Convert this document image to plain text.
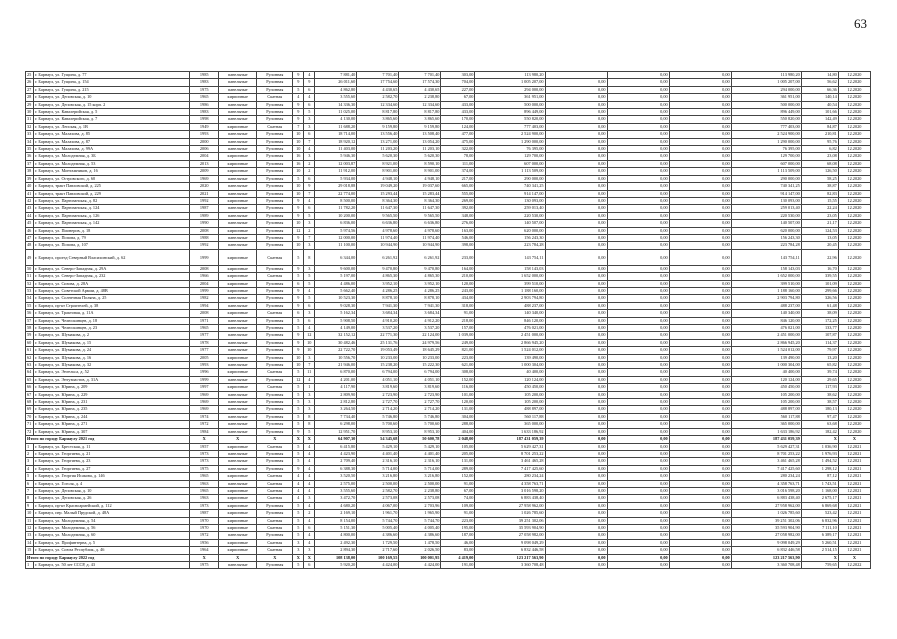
63
25	г. Барнаул, ул. Гущина, д. 77	1985	панельные	Рулонная	9	4	7 881,40	7 701,40	7 701,40	303,00	113 980,20		0,00	0,00	113 980,20	14,80	12.2020
26	г. Барнаул, ул. Гущина, д. 154	1983	панельные	Рулонная	9	9	26 011,60	17 754,60	17 574,30	704,00	1 005 207,00	0,00	0,00	0,00	1 005 207,00	56,62	12.2020
27	г. Барнаул, ул. Гущина, д. 215	1975	панельные	Рулонная	5	6	4 862,80	4 430,65	4 430,65	227,00	294 000,00	0,00	0,00	0,00	294 000,00	66,36	12.2020
28	г. Барнаул, ул. Деповская, д. 10	1965	кирпичные	Скатная	4	4	3 555,60	2 582,70	2 238,80	67,00	361 951,00	0,00	0,00	0,00	361 951,00	140,14	12.2020
29	г. Барнаул, ул. Деповская, д. 15 корп. 2	1986	панельные	Рулонная	9	6	14 336,30	12 334,60	12 334,60	433,00	500 000,00	0,00	0,00	0,00	500 000,00	40,54	12.2020
30	г. Барнаул, ул. Кавалерийская, д. 5	1983	панельные	Рулонная	9	5	11 025,00	8 817,80	8 817,80	433,00	896 449,00	0,00	0,00	0,00	896 449,00	101,66	12.2020
31	г. Барнаул, ул. Кавалерийская, д. 7	1998	панельные	Рулонная	9	3	4 130,00	3 865,60	3 865,60	170,00	550 820,00	0,00	0,00	0,00	550 820,00	142,49	12.2020
32	г. Барнаул, ул. Лепская, д. 1В	1949	кирпичные	Скатная	7	3	11 688,20	9 159,80	9 159,80	124,00	777 403,00	0,00	0,00	0,00	777 403,00	84,87	12.2020
33	г. Барнаул, ул. Малахова, д. 85	1993	панельные	Рулонная	10	6	18 714,00	13 556,40	13 508,40	477,00	2 524 900,00	0,00	0,00	0,00	2 524 900,00	210,81	12.2020
34	г. Барнаул, ул. Малахова, д. 87	2000	панельные	Рулонная	10	7	18 920,12	13 271,00	13 054,20	475,00	1 290 000,00	0,00	0,00	0,00	1 290 000,00	95,76	12.2020
35	г. Барнаул, ул. Малахова, д. 99А	2006	панельные	Рулонная	10	4	11 403,00	11 203,20	11 203,10	322,00	76 395,00	0,00	0,00	0,00	76 395,00	6,82	12.2020
36	г. Барнаул, ул. Молодежная, д. 3Б	2004	кирпичные	Рулонная	16	3	5 946,30	5 620,30	5 620,30	78,00	129 700,00	0,00	0,00	0,00	129 700,00	23,08	12.2020
37	г. Барнаул, ул. Молодежная, д. 53	2013	кирпичные	Рулонная	16	2	12 003,87	8 921,00	8 590,10	111,00	607 000,00	0,00	0,00	0,00	607 000,00	68,08	12.2020
38	г. Барнаул, ул. Монтажников, д. 16	2009	кирпичные	Рулонная	10	2	11 912,00	8 901,00	8 901,00	374,00	1 113 509,00	0,00	0,00	0,00	1 113 509,00	126,50	12.2020
39	г. Барнаул, ул. Островского, д. 60	1969	панельные	Рулонная	5	6	5 934,00	4 948,10	4 948,10	217,00	290 000,00	0,00	0,00	0,00	290 000,00	58,25	12.2020
40	г. Барнаул, тракт Павловский, д. 225	2020	панельные	Рулонная	10	9	29 018,88	19 049,20	19 037,60	665,00	740 341,25	0,00	0,00	0,00	740 341,25	38,87	12.2020
41	г. Барнаул, тракт Павловский, д. 229	2021	панельные	Рулонная	10	7	22 774,00	15 293,44	15 283,44	555,00	914 147,00	0,00	0,00	0,00	914 147,00	82,83	12.2020
42	г. Барнаул, ул. Партизанская, д. 82	1992	кирпичные	Рулонная	9	4	8 500,00	8 364,30	8 364,30	269,00	130 093,00	0,00	0,00	0,00	130 093,00	15,55	12.2020
43	г. Барнаул, ул. Партизанская, д. 124	1987	панельные	Рулонная	9	6	11 782,20	11 647,30	11 647,30	392,00	259 013,40	0,00	0,00	0,00	259 013,40	22,24	12.2020
44	г. Барнаул, ул. Партизанская, д. 126	1989	панельные	Рулонная	9	5	10 200,00	9 565,50	9 565,50	348,00	220 530,00	0,00	0,00	0,00	220 530,00	23,05	12.2020
45	г. Барнаул, ул. Партизанская, д. 142	1990	панельные	Рулонная	10	3	6 836,00	6 636,80	6 636,80	276,00	140 507,00	0,00	0,00	0,00	140 507,00	21,17	12.2020
46	г. Барнаул, ул. Пионеров, д. 18	2008	кирпичные	Рулонная	12	2	5 974,56	4 978,60	4 978,60	163,00	620 000,00	0,00	0,00	0,00	620 000,00	124,53	12.2020
47	г. Барнаул, ул. Попова, д. 79	1988	панельные	Рулонная	9	7	12 000,00	11 974,40	11 974,40	546,00	156 243,30	0,00	0,00	0,00	156 243,30	13,05	12.2020
48	г. Барнаул, ул. Попова, д. 107	1992	панельные	Рулонная	10	3	11 100,00	10 944,90	10 944,90	398,00	223 784,28	0,00	0,00	0,00	223 784,28	20,45	12.2020
49	г. Барнаул, проезд Северный Власихинский, д. 62	1999	кирпичные	Скатная	5	8	6 344,00	6 261,92	6 261,92	233,00	143 754,11	0,00	0,00	0,00	143 754,11	22,96	12.2020
50	г. Барнаул, ул. Северо-Западная, д. 29А	2008	кирпичные	Рулонная	9	3	9 600,00	9 470,80	9 470,80	164,00	158 143,03	0,00	0,00	0,00	158 143,03	16,70	12.2020
51	г. Барнаул, ул. Северо-Западная, д. 232	1966	кирпичные	Скатная	5	5	5 197,00	4 865,30	4 865,30	210,00	1 652 000,00	0,00	0,00	0,00	1 652 000,00	339,55	12.2020
52	г. Барнаул, ул. Сизова, д. 28А	2004	кирпичные	Рулонная	6	5	4 486,00	3 952,10	3 952,10	120,00	399 510,00	0,00	0,00	0,00	399 510,00	101,09	12.2020
53	г. Барнаул, ул. Советской Армии, д. 48В	1999	кирпичные	Рулонная	9	4	5 662,40	4 286,25	4 286,25	243,00	1 188 160,00	0,00	0,00	0,00	1 188 160,00	299,66	12.2020
54	г. Барнаул, ул. Солнечная Поляна, д. 25	1982	панельные	Рулонная	9	5	10 523,30	8 878,10	8 878,10	434,00	2 903 794,80	0,00	0,00	0,00	2 903 794,80	326,56	12.2020
55	г. Барнаул, пр-кт Строителей, д. 38	1994	панельные	Рулонная	9	6	9 028,30	7 941,30	7 941,30	318,00	488 237,00	0,00	0,00	0,00	488 237,00	61,48	12.2020
56	г. Барнаул, ул. Трактовая, д. 11А	2008	кирпичные	Скатная	6	3	5 162,34	3 684,34	3 684,34	91,00	140 340,00	0,00	0,00	0,00	140 340,00	38,09	12.2020
57	г. Барнаул, ул. Челюскинцев, д. 18	1971	панельные	Рулонная	5	6	5 908,50	4 910,20	4 912,20	218,00	846 120,00	0,00	0,00	0,00	846 120,00	172,25	12.2020
58	г. Барнаул, ул. Челюскинцев, д. 23	1965	панельные	Рулонная	5	4	4 149,00	3 537,20	3 537,20	157,00	476 021,00	0,00	0,00	0,00	476 021,00	133,77	12.2020
59	г. Барнаул, ул. Шумакова, д. 2	1977	панельные	Рулонная	9	12	32 152,12	22 771,30	22 124,00	1 039,00	2 451 000,00	0,00	0,00	0,00	2 451 000,00	107,87	12.2020
60	г. Барнаул, ул. Шумакова, д. 15	1978	панельные	Рулонная	9	10	30 482,46	25 131,76	24 979,56	249,00	2 866 945,20	0,00	0,00	0,00	2 866 945,20	114,37	12.2020
61	г. Барнаул, ул. Шумакова, д. 24	1977	панельные	Рулонная	9	10	22 722,70	19 053,49	18 645,29	821,00	1 524 012,00	0,00	0,00	0,00	1 524 012,00	79,97	12.2020
62	г. Барнаул, ул. Шумакова, д. 16	2005	кирпичные	Рулонная	10	3	10 556,70	10 233,00	10 233,00	223,00	139 490,00	0,00	0,00	0,00	139 490,00	13,20	12.2020
63	г. Барнаул, ул. Шумакова, д. 32	1993	панельные	Рулонная	10	7	21 946,00	15 238,20	15 222,30	621,00	1 000 304,00	0,00	0,00	0,00	1 000 304,00	65,82	12.2020
64	г. Барнаул, ул. Энгельса, д. 52	1996	кирпичные	Скатная	5	11	6 870,00	6 794,00	6 794,00	308,00	40 400,00	0,00	0,00	0,00	40 400,00	39,74	12.2020
65	г. Барнаул, ул. Энтузиастов, д. 31А	1999	панельные	Рулонная	12	4	4 201,00	4 051,10	4 051,10	152,00	120 124,00	0,00	0,00	0,00	120 124,00	29,65	12.2020
66	г. Барнаул, ул. Юрина, д. 209	1997	кирпичные	Скатная	5	1	4 117,90	3 819,60	3 819,60	116,00	450 450,00	0,00	0,00	0,00	450 450,00	117,93	12.2020
67	г. Барнаул, ул. Юрина, д. 229	1969	панельные	Рулонная	5	3	2 809,90	2 723,90	2 723,90	101,00	105 200,00	0,00	0,00	0,00	105 200,00	38,62	12.2020
68	г. Барнаул, ул. Юрина, д. 231	1969	панельные	Рулонная	5	3	2 812,80	2 727,70	2 727,70	120,00	105 200,00	0,00	0,00	0,00	105 200,00	38,57	12.2020
69	г. Барнаул, ул. Юрина, д. 235	1969	панельные	Рулонная	5	3	3 264,50	2 714,20	2 714,20	131,00	488 897,00	0,00	0,00	0,00	488 897,00	180,13	12.2020
70	г. Барнаул, ул. Юрина, д. 244	1974	панельные	Рулонная	5	8	7 734,40	5 746,80	5 746,80	304,00	560 117,88	0,00	0,00	0,00	560 117,88	97,47	12.2020
71	г. Барнаул, ул. Юрина, д. 271	1972	панельные	Рулонная	5	8	6 298,00	5 700,60	5 700,60	288,00	365 000,00	0,00	0,00	0,00	365 000,00	63,68	12.2020
72	г. Барнаул, ул. Юрина, д. 307	1984	панельные	Рулонная	9	5	12 951,70	8 953,10	8 953,10	404,00	1 633 186,92	0,00	0,00	0,00	1 633 186,92	182,42	12.2020
Итого по городу Барнаулу 2021 год		Х	Х	Х	Х	Х	64 907,30	54 345,68	50 600,78	2 048,00	187 431 059,39	0,00	0,00	0,00	187 431 059,39	Х	Х
1	г. Барнаул, ул. Брестская, д. 11	1957	кирпичные	Скатная	5	4	6 415,80	5 429,10	5 429,10	105,00	5 629 427,31	0,00	0,00	0,00	5 629 427,31	1 036,90	12.2021
2	г. Барнаул, ул. Георгиева, д. 21	1973	панельные	Рулонная	5	4	4 423,90	4 401,40	4 401,40	205,00	8 701 253,22	0,00	0,00	0,00	8 701 253,22	1 976,93	12.2021
3	г. Барнаул, ул. Георгиева, д. 23	1973	панельные	Рулонная	5	4	2 709,40	2 316,10	2 316,10	131,00	3 461 465,28	0,00	0,00	0,00	3 461 465,28	1 494,52	12.2021
4	г. Барнаул, ул. Георгиева, д. 27	1975	панельные	Рулонная	9	4	6 388,30	5 714,00	5 714,00	289,00	7 417 425,60	0,00	0,00	0,00	7 417 425,60	1 298,12	12.2021
5	г. Барнаул, ул. Георгия Исакова, д. 146	1965	кирпичные	Скатная	4	4	3 520,50	3 216,80	3 216,80	152,00	280 234,24	0,00	0,00	0,00	280 234,24	87,12	12.2021
6	г. Барнаул, ул. Гоголя, д. 4	1963	панельные	Скатная	4	4	2 575,00	2 500,00	2 500,00	91,00	4 358 763,71	0,00	0,00	0,00	4 358 763,71	1 743,51	12.2021
7	г. Барнаул, ул. Деповская, д. 10	1965	кирпичные	Скатная	4	4	3 555,60	2 582,70	2 238,80	67,00	3 016 598,20	0,00	0,00	0,00	3 016 598,20	1 168,00	12.2021
8	г. Барнаул, ул. Деповская, д. 26	1963	кирпичные	Скатная	4	3	3 472,70	2 573,08	2 573,08	74,00	6 883 438,40	0,00	0,00	0,00	6 883 438,40	2 675,17	12.2021
9	г. Барнаул, пр-кт Красноармейский, д. 112	1973	кирпичные	Рулонная	5	4	4 680,20	4 067,00	2 703,96	109,00	27 958 962,00	0,00	0,00	0,00	27 958 962,00	6 869,68	12.2021
10	г. Барнаул, пер. Малый Прудской, д. 48А	1987	кирпичные	Рулонная	5	2	2 169,10	1 961,70	1 965,90	91,00	1 026 785,60	0,00	0,00	0,00	1 026 785,60	523,42	12.2021
11	г. Барнаул, ул. Молодежная, д. 54	1970	кирпичные	Скатная	5	4	8 154,00	5 744,70	5 744,70	223,00	39 251 302,06	0,00	0,00	0,00	39 251 302,06	6 832,96	12.2021
12	г. Барнаул, ул. Молодежная, д. 56	1970	кирпичные	Скатная	5	6	5 151,30	5 005,40	4 005,40	195,00	35 593 904,90	0,00	0,00	0,00	35 593 904,90	7 111,10	12.2021
13	г. Барнаул, ул. Молодежная, д. 60	1972	панельные	Рулонная	5	4	4 800,00	4 386,60	4 386,60	187,00	27 058 982,00	0,00	0,00	0,00	27 058 982,00	6 389,17	12.2021
14	г. Барнаул, ул. Профинтерна, д. 5	1956	кирпичные	Скатная	3	4	2 492,30	1 729,50	1 478,50	46,00	9 098 049,29	0,00	0,00	0,00	9 098 049,29	5 260,51	12.2021
15	г. Барнаул, ул. Союза Республик, д. 46	1964	кирпичные	Скатная	3	3	2 894,30	2 717,60	2 026,50	83,00	6 832 446,58	0,00	0,00	0,00	6 832 446,58	2 514,15	12.2021
Итого по городу Барнаулу 2022 год		Х	Х	Х	Х	Х	108 138,00	100 169,55	100 001,95	4 419,00	123 217 563,90	0,00	0,00	0,00	123 217 563,90	Х	Х
1	г. Барнаул, ул. 50 лет СССР, д. 43	1975	панельные	Рулонная	5	6	5 920,20	4 424,00	4 424,00	191,00	3 360 708,48	0,00	0,00	0,00	3 360 708,48	759,65	12.2022
